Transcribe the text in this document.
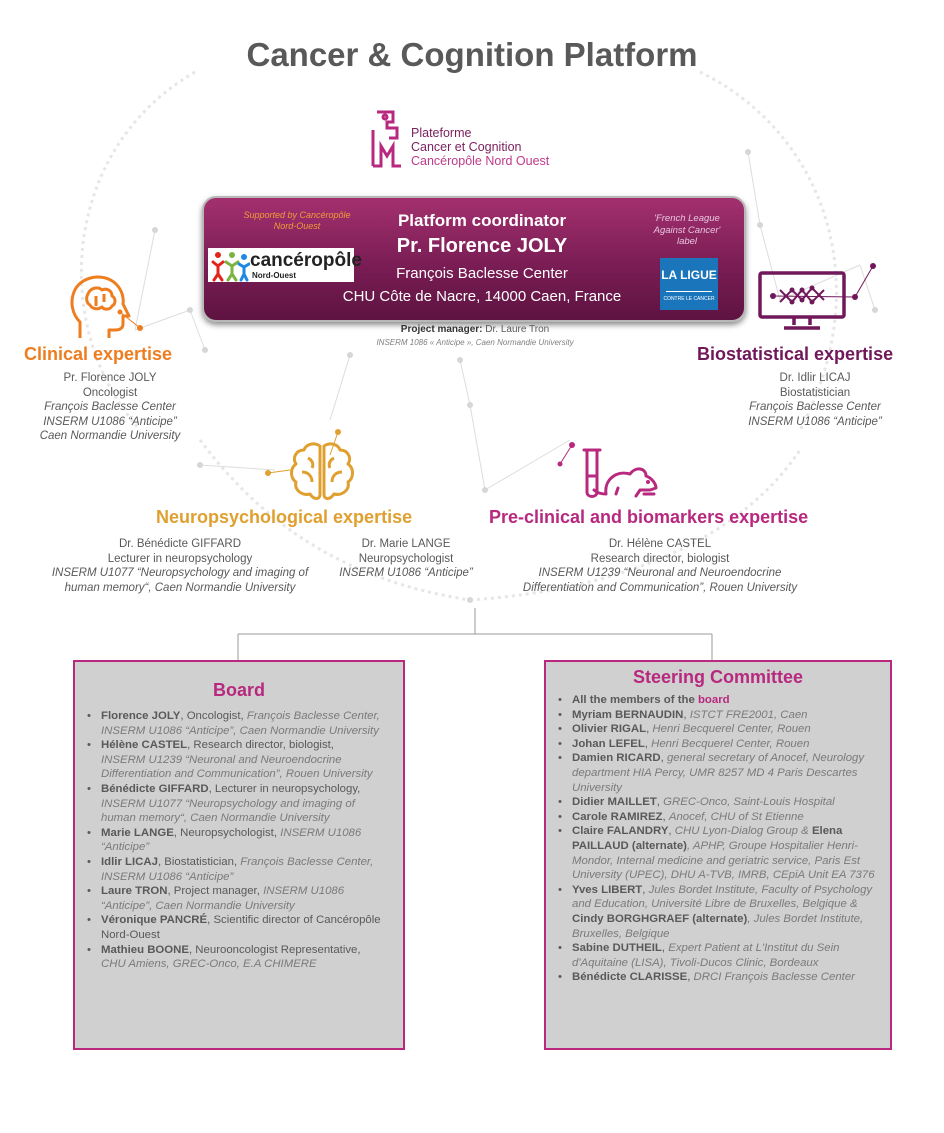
Cancer & Cognition Platform
Plateforme
Cancer et Cognition
Cancéropôle Nord Ouest
Supported by Cancéropôle Nord-Ouest
cancéropôle
Nord-Ouest
Platform coordinator
Pr. Florence JOLY
François Baclesse Center
CHU Côte de Nacre, 14000 Caen, France
'French League Against Cancer' label
LA LIGUE
CONTRE LE CANCER
Project manager: Dr. Laure Tron
INSERM 1086 « Anticipe », Caen Normandie University
Clinical expertise
Pr. Florence JOLY
Oncologist
François Baclesse Center
INSERM U1086 “Anticipe”
Caen Normandie University
Biostatistical expertise
Dr. Idlir LICAJ
Biostatistician
François Baclesse Center
INSERM U1086 “Anticipe”
Neuropsychological expertise
Dr. Bénédicte GIFFARD
Lecturer in neuropsychology
INSERM U1077 “Neuropsychology and imaging of
human memory“, Caen Normandie University
Dr. Marie LANGE
Neuropsychologist
INSERM U1086 “Anticipe”
Pre-clinical and biomarkers expertise
Dr. Hélène CASTEL
Research director, biologist
INSERM U1239 “Neuronal and Neuroendocrine
Differentiation and Communication”, Rouen University
Board
• Florence JOLY, Oncologist, François Baclesse Center, INSERM U1086 “Anticipe”, Caen Normandie University
• Hélène CASTEL, Research director, biologist, INSERM U1239 “Neuronal and Neuroendocrine Differentiation and Communication”, Rouen University
• Bénédicte GIFFARD, Lecturer in neuropsychology, INSERM U1077 “Neuropsychology and imaging of human memory“, Caen Normandie University
• Marie LANGE, Neuropsychologist, INSERM U1086 “Anticipe”
• Idlir LICAJ, Biostatistician, François Baclesse Center, INSERM U1086 “Anticipe”
• Laure TRON, Project manager, INSERM U1086 “Anticipe”, Caen Normandie University
• Véronique PANCRÉ, Scientific director of Cancéropôle Nord-Ouest
• Mathieu BOONE, Neurooncologist Representative, CHU Amiens, GREC-Onco, E.A CHIMERE
Steering Committee
• All the members of the board
• Myriam BERNAUDIN, ISTCT FRE2001, Caen
• Olivier RIGAL, Henri Becquerel Center, Rouen
• Johan LEFEL, Henri Becquerel Center, Rouen
• Damien RICARD, general secretary of Anocef, Neurology department HIA Percy, UMR 8257 MD 4 Paris Descartes University
• Didier MAILLET, GREC-Onco, Saint-Louis Hospital
• Carole RAMIREZ, Anocef, CHU of St Etienne
• Claire FALANDRY, CHU Lyon-Dialog Group & Elena PAILLAUD (alternate), APHP, Groupe Hospitalier Henri-Mondor, Internal medicine and geriatric service, Paris Est University (UPEC), DHU A-TVB, IMRB, CEpiA Unit EA 7376
• Yves LIBERT, Jules Bordet Institute, Faculty of Psychology and Education, Université Libre de Bruxelles, Belgique & Cindy BORGHGRAEF (alternate), Jules Bordet Institute, Bruxelles, Belgique
• Sabine DUTHEIL, Expert Patient at L'Institut du Sein d'Aquitaine (LISA), Tivoli-Ducos Clinic, Bordeaux
• Bénédicte CLARISSE, DRCI François Baclesse Center
